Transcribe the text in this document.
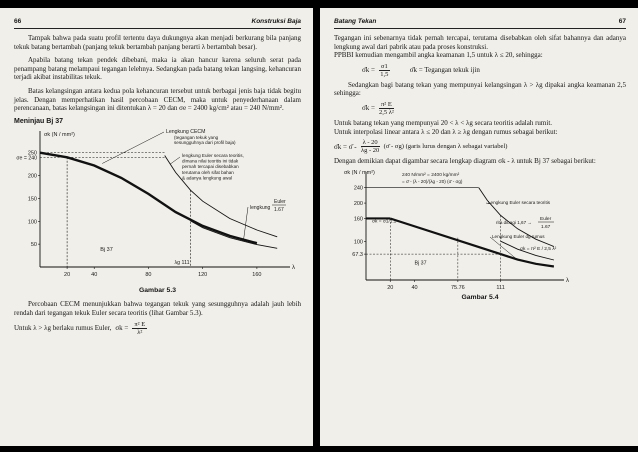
66	Konstruksi Baja

Tampak bahwa pada suatu profil tertentu daya dukungnya akan menjadi berkurang bila panjang tekuk batang bertambah (panjang tekuk bertambah panjang berarti λ bertambah besar).

Apabila batang tekan pendek dibebani, maka ia akan hancur karena seluruh serat pada penampang batang melampaui tegangan lelehnya. Sedangkan pada batang tekan langsing, kehancuran terjadi akibat instabilitas tekuk.

Batas kelangsingan antara kedua pola kehancuran tersebut untuk berbagai jenis baja tidak begitu jelas. Dengan memperhatikan hasil percobaan CECM, maka untuk penyederhanaan dalam perencanaan, batas kelangsingan ini ditentukan λ = 20 dan σe = 2400 kg/cm² atau = 240 N/mm².

Meninjau Bj 37

λ
σk (N / mm²)
20	40	80	120	160
50
100
150
200
250
σe = 240
Lengkung CECM
(tegangan tekuk yang
sesungguhnya dari profil baja)
lengkung Euler secara teoritis,
dimana nilai teoritis ini tidak
pernah tercapai disebabkan
terutama oleh sifat bahan
& adanya lengkung awal
lengkung
Euler
1.67
Bj 37
λg 111

Gambar 5.3

Percobaan CECM menunjukkan bahwa tegangan tekuk yang sesungguhnya adalah jauh lebih rendah dari tegangan tekuk Euler secara teoritis (lihat Gambar 5.3).

Untuk λ > λg berlaku rumus Euler, $\sigma k = \frac{\text{π² E}}{\text{λ²}}$
Batang Tekan	67

Tegangan ini sebenarnya tidak pernah tercapai, terutama disebabkan oleh sifat bahannya dan adanya lengkung awal dari pabrik atau pada proses konstruksi.

PPBBI kemudian mengambil angka keamanan 1,5 untuk λ ≤ 20, sehingga:

σ̄k = $\frac{\sigma 1}{1,5}$	σ̄k = Tegangan tekuk ijin

Sedangkan bagi batang tekan yang mempunyai kelangsingan λ > λg dipakai angka keamanan 2,5 sehingga:

σ̄k = $\frac{\text{π² E}}{\text{2,5 λ²}}$

Untuk batang tekan yang mempunyai 20 < λ < λg secara teoritis adalah rumit.

Untuk interpolasi linear antara λ ≤ 20 dan λ ≥ λg dengan rumus sebagai berikut:

σ̄k = σ̄ - $\frac{\lambda - 20}{\lambda g - 20}$ (σ̄ - σg) (garis lurus dengan λ sebagai variabel)

Dengan demikian dapat digambar secara lengkap diagram σk - λ untuk Bj 37 sebagai berikut:

λ
σk (N / mm²)
20	40	75.76	111
67.3
100
160
200
240
240 N/mm² = 2400 kg/mm²
= σ̄ - (λ - 20)/(λg - 20) (σ̄ - σg)
Lengkung Euler secara teoritis
rita dibagi 1,67 →
Euler
1.67
Lengkung Euler dg rumus
σk = π² E / 2,5 λ²
σk = σ1/1.5
Bj 37

Gambar 5.4
